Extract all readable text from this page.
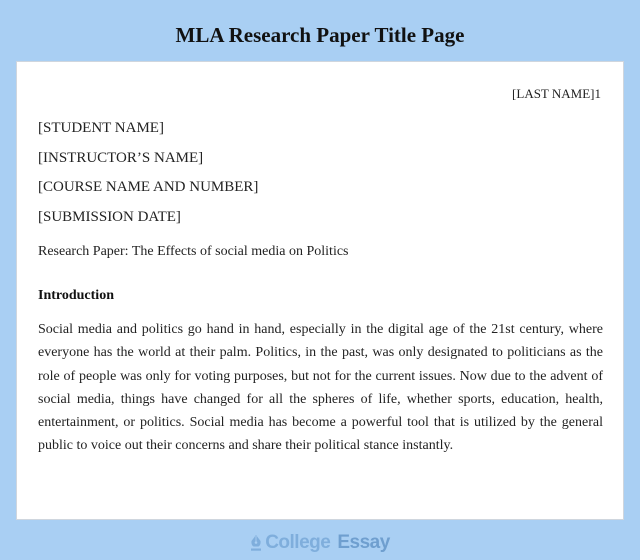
MLA Research Paper Title Page
[LAST NAME]1
[STUDENT NAME]
[INSTRUCTOR’S NAME]
[COURSE NAME AND NUMBER]
[SUBMISSION DATE]
Research Paper: The Effects of social media on Politics
Introduction
Social media and politics go hand in hand, especially in the digital age of the 21st century, where everyone has the world at their palm. Politics, in the past, was only designated to politicians as the role of people was only for voting purposes, but not for the current issues. Now due to the advent of social media, things have changed for all the spheres of life, whether sports, education, health, entertainment, or politics. Social media has become a powerful tool that is utilized by the general public to voice out their concerns and share their political stance instantly.
College Essay
